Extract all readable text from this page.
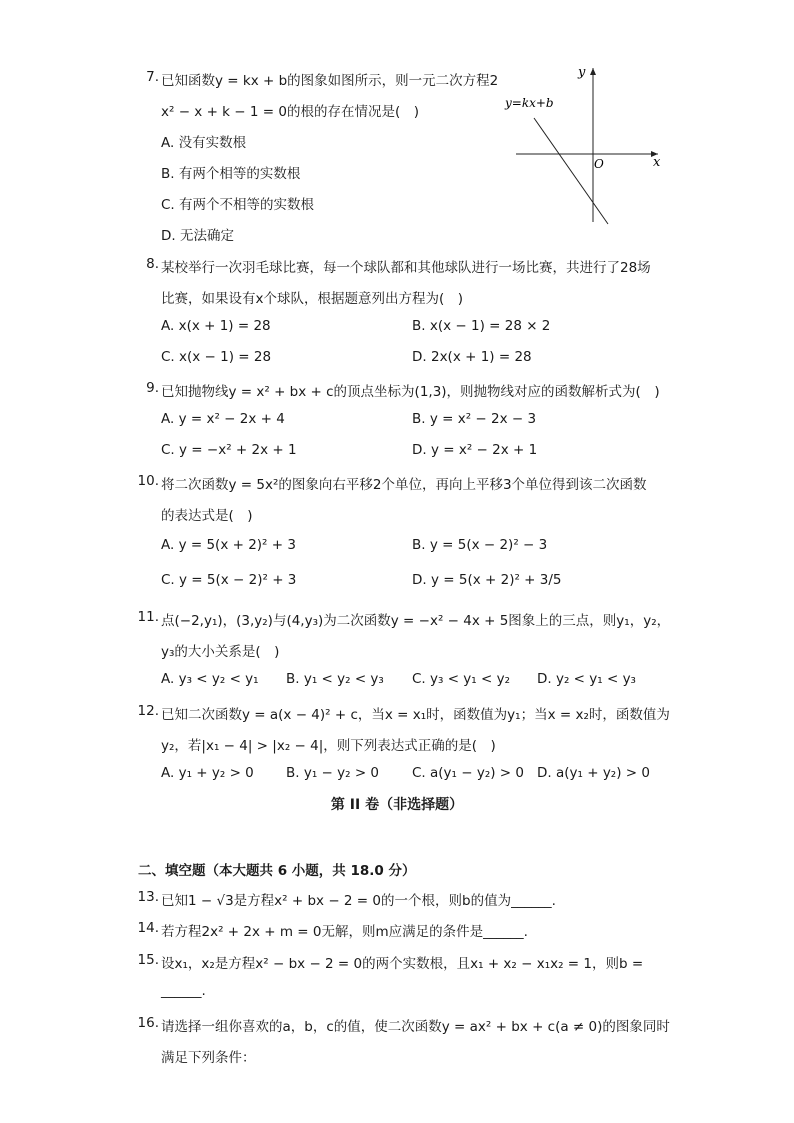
7. 已知函数y = kx + b的图象如图所示，则一元二次方程2
x² − x + k − 1 = 0的根的存在情况是(　)
A. 没有实数根
B. 有两个相等的实数根
C. 有两个不相等的实数根
D. 无法确定
y
x
O
y=kx+b
8. 某校举行一次羽毛球比赛，每一个球队都和其他球队进行一场比赛，共进行了28场
比赛，如果设有x个球队，根据题意列出方程为(　)
A. x(x + 1) = 28	B. x(x − 1) = 28 × 2
C. x(x − 1) = 28	D. 2x(x + 1) = 28
9. 已知抛物线y = x² + bx + c的顶点坐标为(1,3)，则抛物线对应的函数解析式为(　)
A. y = x² − 2x + 4	B. y = x² − 2x − 3
C. y = −x² + 2x + 1	D. y = x² − 2x + 1
10. 将二次函数y = 5x²的图象向右平移2个单位，再向上平移3个单位得到该二次函数
的表达式是(　)
A. y = 5(x + 2)² + 3	B. y = 5(x − 2)² − 3
C. y = 5(x − 2)² + 3	D. y = 5(x + 2)² + 3/5
11. 点(−2,y₁)，(3,y₂)与(4,y₃)为二次函数y = −x² − 4x + 5图象上的三点，则y₁，y₂，
y₃的大小关系是(　)
A. y₃ < y₂ < y₁ B. y₁ < y₂ < y₃ C. y₃ < y₁ < y₂ D. y₂ < y₁ < y₃
12. 已知二次函数y = a(x − 4)² + c，当x = x₁时，函数值为y₁；当x = x₂时，函数值为
y₂，若|x₁ − 4| > |x₂ − 4|，则下列表达式正确的是(　)
A. y₁ + y₂ > 0 B. y₁ − y₂ > 0 C. a(y₁ − y₂) > 0 D. a(y₁ + y₂) > 0
第 II 卷（非选择题）
二、填空题（本大题共 6 小题，共 18.0 分）
13. 已知1 − √3是方程x² + bx − 2 = 0的一个根，则b的值为______.
14. 若方程2x² + 2x + m = 0无解，则m应满足的条件是______.
15. 设x₁，x₂是方程x² − bx − 2 = 0的两个实数根，且x₁ + x₂ − x₁x₂ = 1，则b =
______.
16. 请选择一组你喜欢的a，b，c的值，使二次函数y = ax² + bx + c(a ≠ 0)的图象同时
满足下列条件：
